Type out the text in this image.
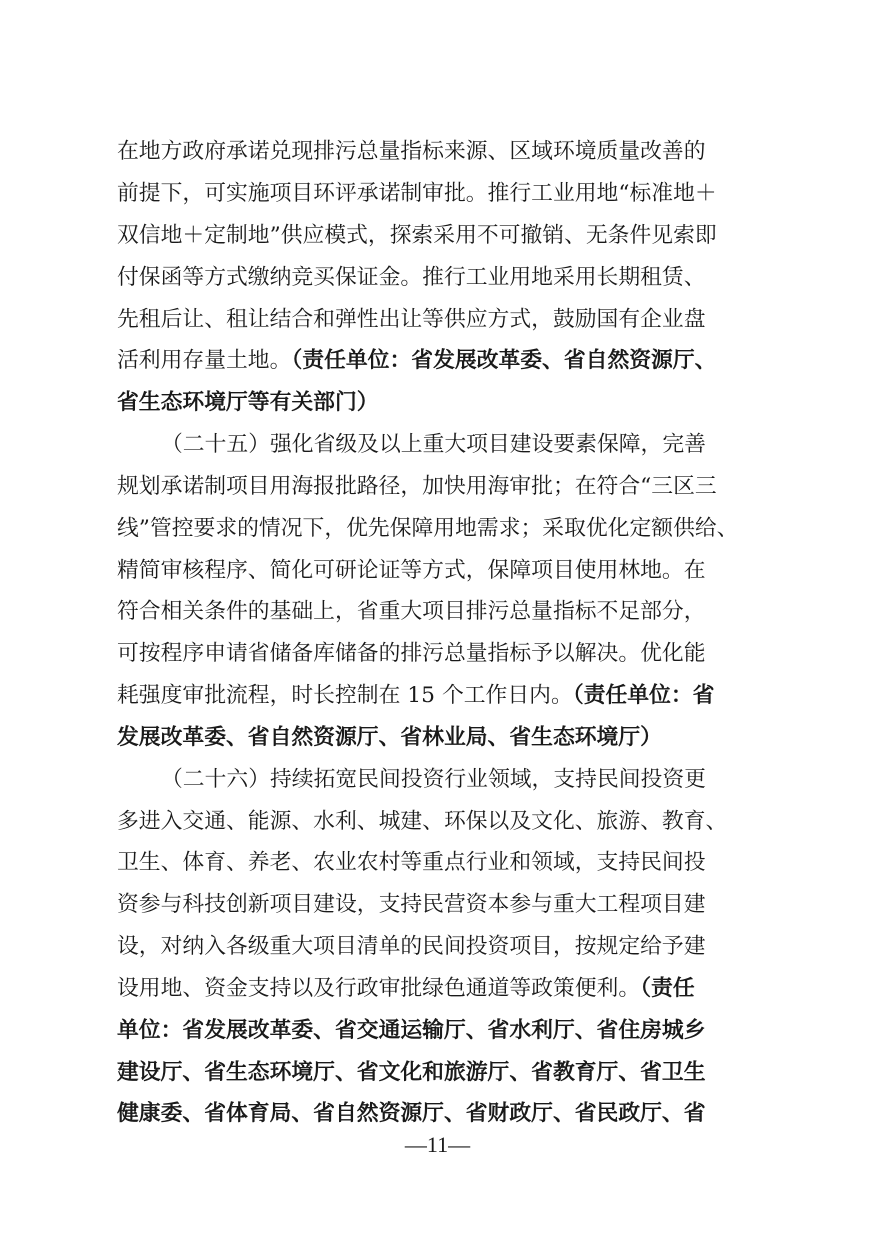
在地方政府承诺兑现排污总量指标来源、区域环境质量改善的
前提下，可实施项目环评承诺制审批。推行工业用地“标准地＋
双信地＋定制地”供应模式，探索采用不可撤销、无条件见索即
付保函等方式缴纳竞买保证金。推行工业用地采用长期租赁、
先租后让、租让结合和弹性出让等供应方式，鼓励国有企业盘
活利用存量土地。（责任单位：省发展改革委、省自然资源厅、
省生态环境厅等有关部门）
（二十五）强化省级及以上重大项目建设要素保障，完善
规划承诺制项目用海报批路径，加快用海审批；在符合“三区三
线”管控要求的情况下，优先保障用地需求；采取优化定额供给、
精简审核程序、简化可研论证等方式，保障项目使用林地。在
符合相关条件的基础上，省重大项目排污总量指标不足部分，
可按程序申请省储备库储备的排污总量指标予以解决。优化能
耗强度审批流程，时长控制在 15 个工作日内。（责任单位：省
发展改革委、省自然资源厅、省林业局、省生态环境厅）
（二十六）持续拓宽民间投资行业领域，支持民间投资更
多进入交通、能源、水利、城建、环保以及文化、旅游、教育、
卫生、体育、养老、农业农村等重点行业和领域，支持民间投
资参与科技创新项目建设，支持民营资本参与重大工程项目建
设，对纳入各级重大项目清单的民间投资项目，按规定给予建
设用地、资金支持以及行政审批绿色通道等政策便利。（责任
单位：省发展改革委、省交通运输厅、省水利厅、省住房城乡
建设厅、省生态环境厅、省文化和旅游厅、省教育厅、省卫生
健康委、省体育局、省自然资源厅、省财政厅、省民政厅、省
—11—
